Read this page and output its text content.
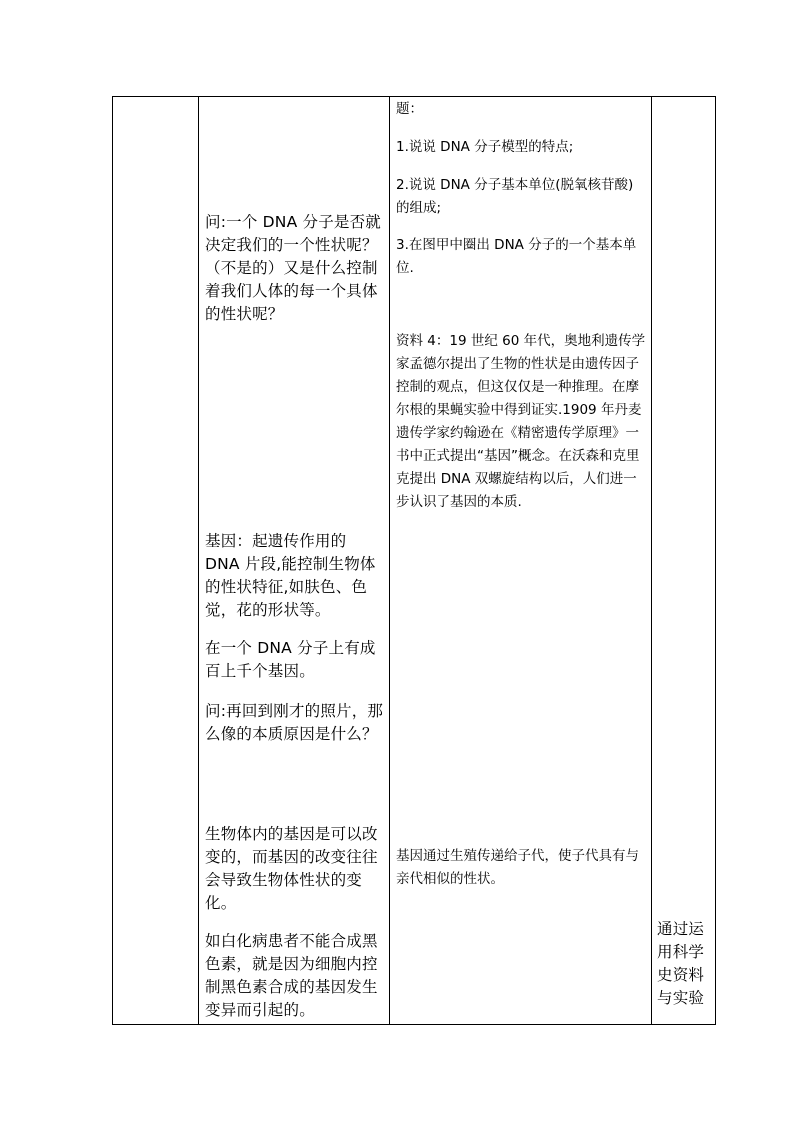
问:一个 DNA 分子是否就决定我们的一个性状呢？（不是的）又是什么控制着我们人体的每一个具体的性状呢？

基因：起遗传作用的 DNA 片段,能控制生物体的性状特征,如肤色、色觉，花的形状等。

在一个 DNA 分子上有成百上千个基因。

问:再回到刚才的照片，那么像的本质原因是什么？

生物体内的基因是可以改变的，而基因的改变往往会导致生物体性状的变化。

如白化病患者不能合成黑色素，就是因为细胞内控制黑色素合成的基因发生变异而引起的。

题：

1.说说 DNA 分子模型的特点;

2.说说 DNA 分子基本单位(脱氧核苷酸)的组成;

3.在图甲中圈出 DNA 分子的一个基本单位.

资料 4：19 世纪 60 年代，奥地利遗传学家孟德尔提出了生物的性状是由遗传因子控制的观点，但这仅仅是一种推理。在摩尔根的果蝇实验中得到证实.1909 年丹麦遗传学家约翰逊在《精密遗传学原理》一书中正式提出“基因”概念。在沃森和克里克提出 DNA 双螺旋结构以后，人们进一步认识了基因的本质.

基因通过生殖传递给子代，使子代具有与亲代相似的性状。

通过运用科学史资料与实验
